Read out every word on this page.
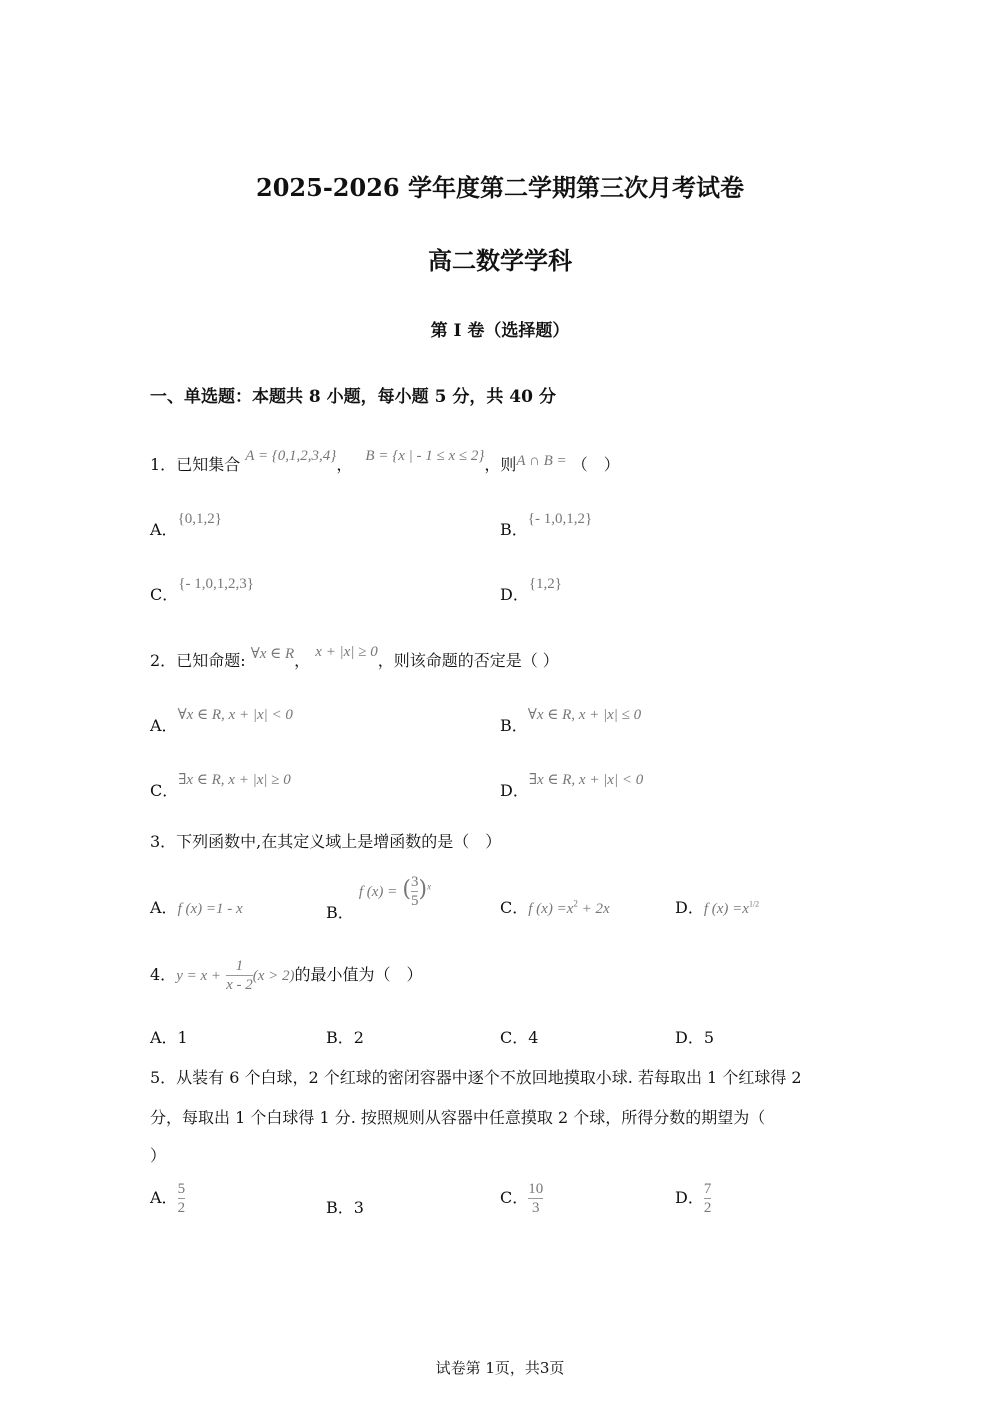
2025-2026 学年度第二学期第三次月考试卷
高二数学学科
第 I 卷（选择题）
一、单选题：本题共 8 小题，每小题 5 分，共 40 分
1．已知集合 A = {0,1,2,3,4}， B = {x | - 1 ≤ x ≤ 2}，则A ∩ B = （　）
A．{0,1,2}
B．{- 1,0,1,2}
C．{- 1,0,1,2,3}
D．{1,2}
2．已知命题: ∀x ∈ R， x + |x| ≥ 0，则该命题的否定是（ ）
A．∀x ∈ R, x + |x| < 0
B．∀x ∈ R, x + |x| ≤ 0
C．∃x ∈ R, x + |x| ≥ 0
D．∃x ∈ R, x + |x| < 0
3．下列函数中,在其定义域上是增函数的是（　）
A．f (x) =1 - x	B． f (x) = ( $\frac{3}{5} )^x$
C．f $(x) =x^2 + 2x$	D．f $(x) =x^{1/2}$
4．$y = x + \frac{1}{x - 2} (x > 2)$的最小值为（　）
A．1	B．2	C．4	D．5
5．从装有 6 个白球，2 个红球的密闭容器中逐个不放回地摸取小球. 若每取出 1 个红球得 2
分，每取出 1 个白球得 1 分. 按照规则从容器中任意摸取 2 个球，所得分数的期望为（
）
A． $\frac{5}{2}$	B．3
C． $\frac{10}{3}$	D． $\frac{7}{2}$
试卷第 1页，共3页
